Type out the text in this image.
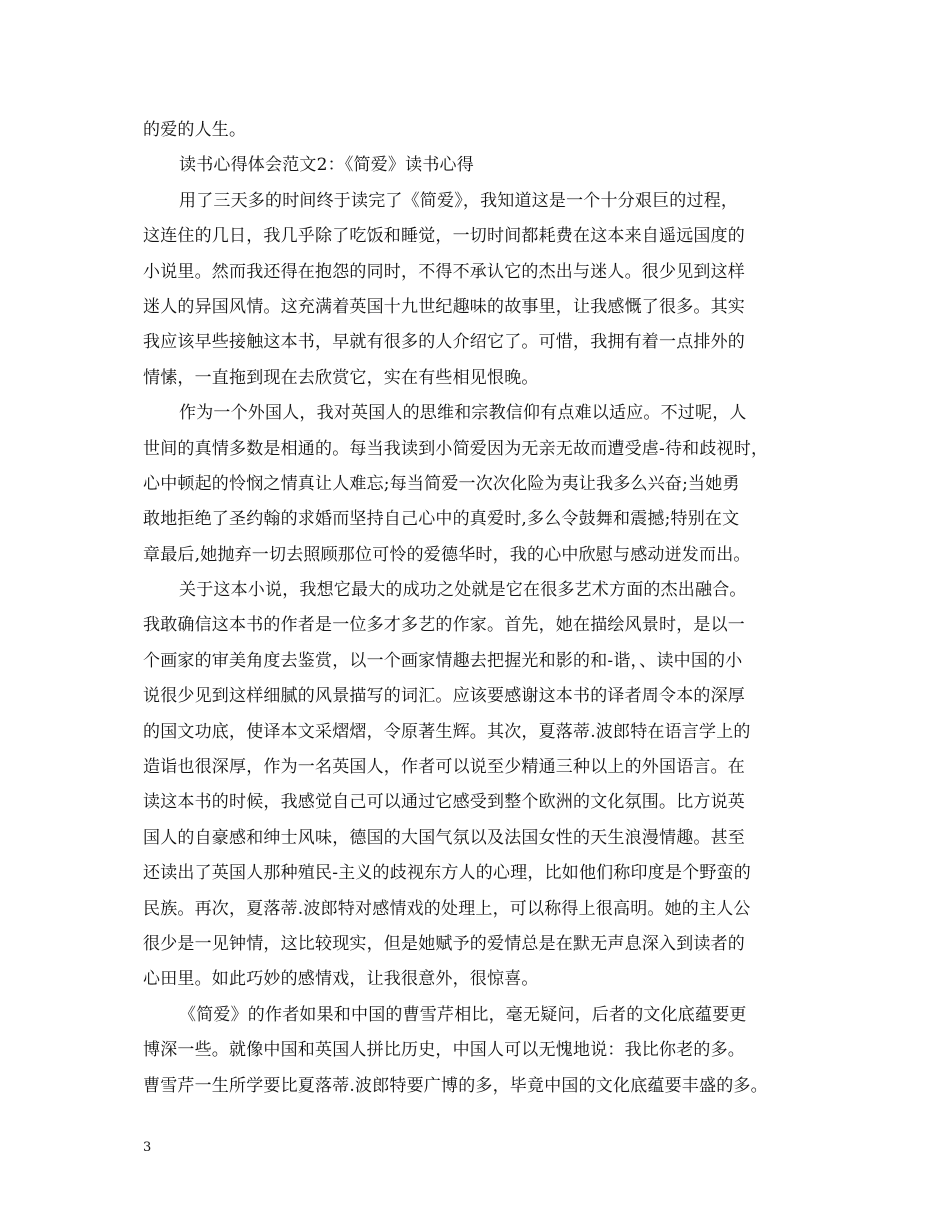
的爱的人生。
读书心得体会范文2：《简爱》读书心得
用了三天多的时间终于读完了《简爱》，我知道这是一个十分艰巨的过程，
这连住的几日，我几乎除了吃饭和睡觉，一切时间都耗费在这本来自遥远国度的
小说里。然而我还得在抱怨的同时，不得不承认它的杰出与迷人。很少见到这样
迷人的异国风情。这充满着英国十九世纪趣味的故事里，让我感慨了很多。其实
我应该早些接触这本书，早就有很多的人介绍它了。可惜，我拥有着一点排外的
情愫，一直拖到现在去欣赏它，实在有些相见恨晚。
作为一个外国人，我对英国人的思维和宗教信仰有点难以适应。不过呢，人
世间的真情多数是相通的。每当我读到小简爱因为无亲无故而遭受虐-待和歧视时，
心中顿起的怜悯之情真让人难忘;每当简爱一次次化险为夷让我多么兴奋;当她勇
敢地拒绝了圣约翰的求婚而坚持自己心中的真爱时,多么令鼓舞和震撼;特别在文
章最后,她抛弃一切去照顾那位可怜的爱德华时，我的心中欣慰与感动迸发而出。
关于这本小说，我想它最大的成功之处就是它在很多艺术方面的杰出融合。
我敢确信这本书的作者是一位多才多艺的作家。首先，她在描绘风景时，是以一
个画家的审美角度去鉴赏，以一个画家情趣去把握光和影的和-谐，、读中国的小
说很少见到这样细腻的风景描写的词汇。应该要感谢这本书的译者周令本的深厚
的国文功底，使译本文采熠熠，令原著生辉。其次，夏落蒂.波郎特在语言学上的
造诣也很深厚，作为一名英国人，作者可以说至少精通三种以上的外国语言。在
读这本书的时候，我感觉自己可以通过它感受到整个欧洲的文化氛围。比方说英
国人的自豪感和绅士风味，德国的大国气氛以及法国女性的天生浪漫情趣。甚至
还读出了英国人那种殖民-主义的歧视东方人的心理，比如他们称印度是个野蛮的
民族。再次，夏落蒂.波郎特对感情戏的处理上，可以称得上很高明。她的主人公
很少是一见钟情，这比较现实，但是她赋予的爱情总是在默无声息深入到读者的
心田里。如此巧妙的感情戏，让我很意外，很惊喜。
《简爱》的作者如果和中国的曹雪芹相比，毫无疑问，后者的文化底蕴要更
博深一些。就像中国和英国人拼比历史，中国人可以无愧地说：我比你老的多。
曹雪芹一生所学要比夏落蒂.波郎特要广博的多，毕竟中国的文化底蕴要丰盛的多。
3
